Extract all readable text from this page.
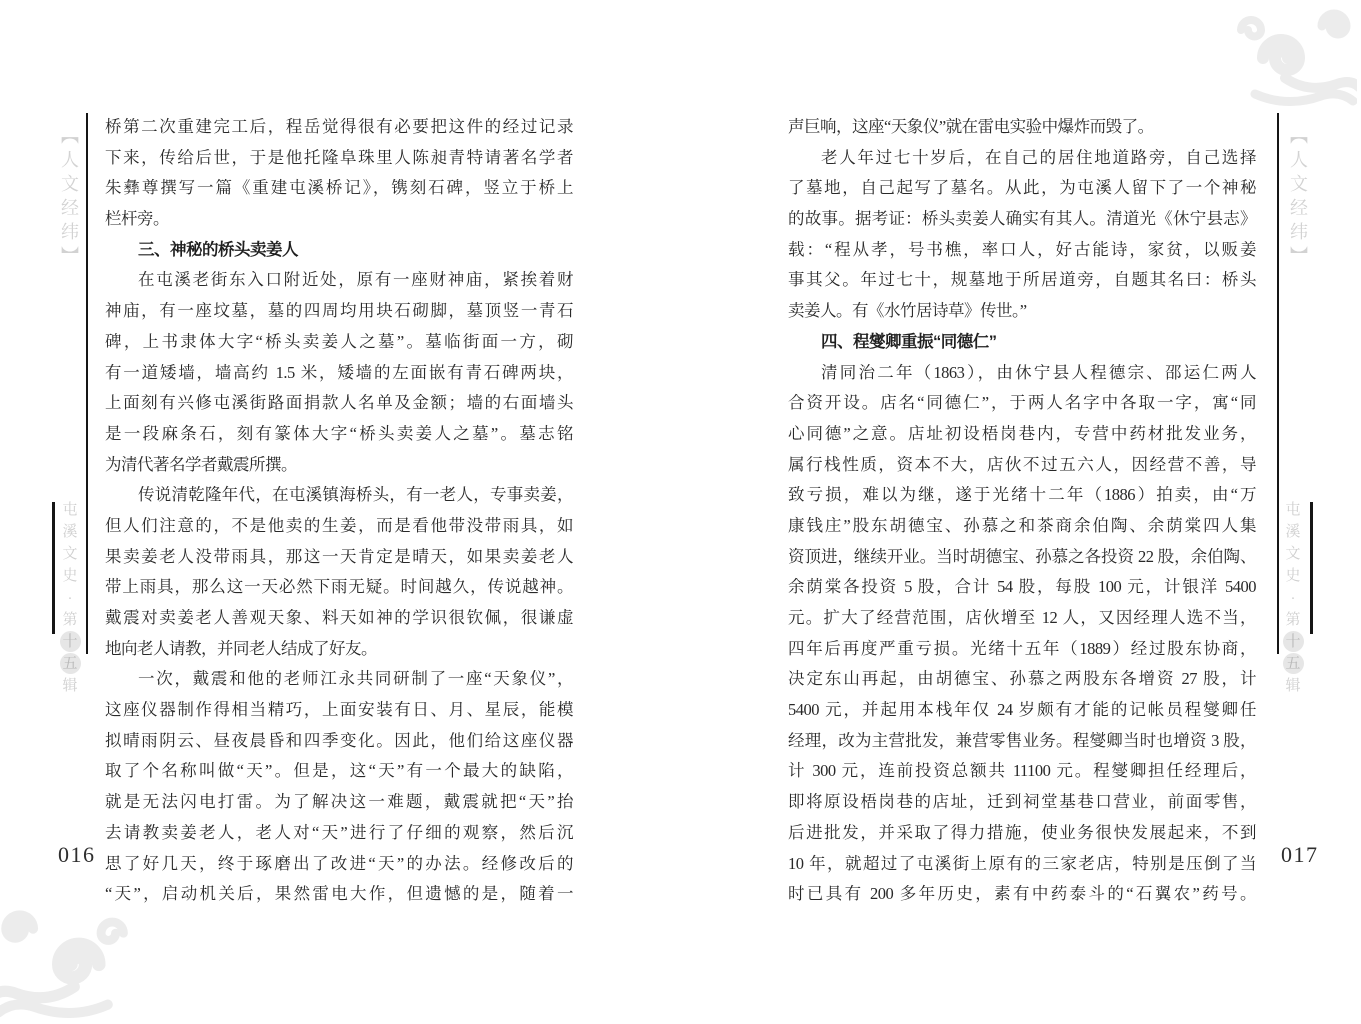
【人文经纬】
屯
溪
文
史
·
第
十
五
辑
016
【人文经纬】
屯
溪
文
史
·
第
十
五
辑
017
桥第二次重建完工后，程岳觉得很有必要把这件的经过记录
下来，传给后世，于是他托隆阜珠里人陈昶青特请著名学者
朱彝尊撰写一篇《重建屯溪桥记》，镌刻石碑，竖立于桥上
栏杆旁。
三、神秘的桥头卖姜人
在屯溪老街东入口附近处，原有一座财神庙，紧挨着财
神庙，有一座坟墓，墓的四周均用块石砌脚，墓顶竖一青石
碑，上书隶体大字“桥头卖姜人之墓”。墓临街面一方，砌
有一道矮墙，墙高约 1.5 米，矮墙的左面嵌有青石碑两块，
上面刻有兴修屯溪街路面捐款人名单及金额；墙的右面墙头
是一段麻条石，刻有篆体大字“桥头卖姜人之墓”。墓志铭
为清代著名学者戴震所撰。
传说清乾隆年代，在屯溪镇海桥头，有一老人，专事卖姜，
但人们注意的，不是他卖的生姜，而是看他带没带雨具，如
果卖姜老人没带雨具，那这一天肯定是晴天，如果卖姜老人
带上雨具，那么这一天必然下雨无疑。时间越久，传说越神。
戴震对卖姜老人善观天象、料天如神的学识很钦佩，很谦虚
地向老人请教，并同老人结成了好友。
一次，戴震和他的老师江永共同研制了一座“天象仪”，
这座仪器制作得相当精巧，上面安装有日、月、星辰，能模
拟晴雨阴云、昼夜晨昏和四季变化。因此，他们给这座仪器
取了个名称叫做“天”。但是，这“天”有一个最大的缺陷，
就是无法闪电打雷。为了解决这一难题，戴震就把“天”抬
去请教卖姜老人，老人对“天”进行了仔细的观察，然后沉
思了好几天，终于琢磨出了改进“天”的办法。经修改后的
“天”，启动机关后，果然雷电大作，但遗憾的是，随着一
声巨响，这座“天象仪”就在雷电实验中爆炸而毁了。
老人年过七十岁后，在自己的居住地道路旁，自己选择
了墓地，自己起写了墓名。从此，为屯溪人留下了一个神秘
的故事。据考证：桥头卖姜人确实有其人。清道光《休宁县志》
载：“程从孝，号书樵，率口人，好古能诗，家贫，以贩姜
事其父。年过七十，规墓地于所居道旁，自题其名曰：桥头
卖姜人。有《水竹居诗草》传世。”
四、程燮卿重振“同德仁”
清同治二年（1863），由休宁县人程德宗、邵运仁两人
合资开设。店名“同德仁”，于两人名字中各取一字，寓“同
心同德”之意。店址初设梧岗巷内，专营中药材批发业务，
属行栈性质，资本不大，店伙不过五六人，因经营不善，导
致亏损，难以为继，遂于光绪十二年（1886）拍卖，由“万
康钱庄”股东胡德宝、孙慕之和茶商余伯陶、余荫棠四人集
资顶进，继续开业。当时胡德宝、孙慕之各投资 22 股，余伯陶、
余荫棠各投资 5 股，合计 54 股，每股 100 元，计银洋 5400
元。扩大了经营范围，店伙增至 12 人，又因经理人选不当，
四年后再度严重亏损。光绪十五年（1889）经过股东协商，
决定东山再起，由胡德宝、孙慕之两股东各增资 27 股，计
5400 元，并起用本栈年仅 24 岁颇有才能的记帐员程燮卿任
经理，改为主营批发，兼营零售业务。程燮卿当时也增资 3 股，
计 300 元，连前投资总额共 11100 元。程燮卿担任经理后，
即将原设梧岗巷的店址，迁到祠堂基巷口营业，前面零售，
后进批发，并采取了得力措施，使业务很快发展起来，不到
10 年，就超过了屯溪街上原有的三家老店，特别是压倒了当
时已具有 200 多年历史，素有中药泰斗的“石翼农”药号。
